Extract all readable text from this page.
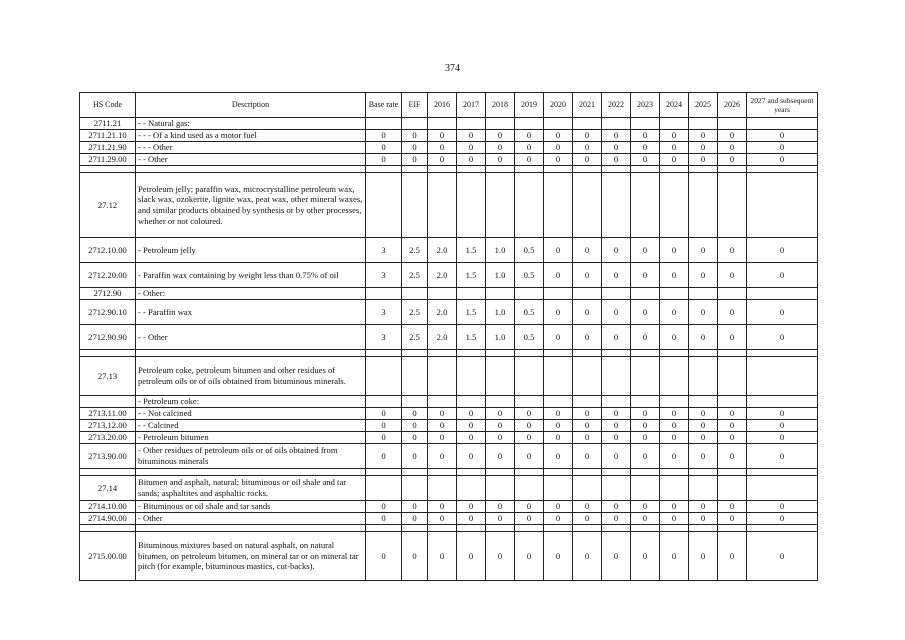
374
HS Code	Description	Base rate	EIF	2016	2017	2018	2019	2020	2021	2022	2023	2024	2025	2026	2027 and subsequent years
2711.21	- - Natural gas:														
2711.21.10	- - - Of a kind used as a motor fuel	0	0	0	0	0	0	0	0	0	0	0	0	0	0
2711.21.90	- - - Other	0	0	0	0	0	0	0	0	0	0	0	0	0	0
2711.29.00	- - Other	0	0	0	0	0	0	0	0	0	0	0	0	0	0

27.12	Petroleum jelly; paraffin wax, microcrystalline petroleum wax, slack wax, ozokerite, lignite wax, peat wax, other mineral waxes, and similar products obtained by synthesis or by other processes, whether or not coloured.														
2712.10.00	- Petroleum jelly	3	2.5	2.0	1.5	1.0	0.5	0	0	0	0	0	0	0	0
2712.20.00	- Paraffin wax containing by weight less than 0.75% of oil	3	2.5	2.0	1.5	1.0	0.5	0	0	0	0	0	0	0	0
2712.90	- Other:														
2712.90.10	- - Paraffin wax	3	2.5	2.0	1.5	1.0	0.5	0	0	0	0	0	0	0	0
2712.90.90	- - Other	3	2.5	2.0	1.5	1.0	0.5	0	0	0	0	0	0	0	0

27.13	Petroleum coke, petroleum bitumen and other residues of petroleum oils or of oils obtained from bituminous minerals.														
	- Petroleum coke:														
2713.11.00	- - Not calcined	0	0	0	0	0	0	0	0	0	0	0	0	0	0
2713.12.00	- - Calcined	0	0	0	0	0	0	0	0	0	0	0	0	0	0
2713.20.00	- Petroleum bitumen	0	0	0	0	0	0	0	0	0	0	0	0	0	0
2713.90.00	- Other residues of petroleum oils or of oils obtained from bituminous minerals	0	0	0	0	0	0	0	0	0	0	0	0	0	0

27.14	Bitumen and asphalt, natural; bituminous or oil shale and tar sands; asphaltites and asphaltic rocks.														
2714.10.00	- Bituminous or oil shale and tar sands	0	0	0	0	0	0	0	0	0	0	0	0	0	0
2714.90.00	- Other	0	0	0	0	0	0	0	0	0	0	0	0	0	0

2715.00.00	Bituminous mixtures based on natural asphalt, on natural bitumen, on petroleum bitumen, on mineral tar or on mineral tar pitch (for example, bituminous mastics, cut-backs).	0	0	0	0	0	0	0	0	0	0	0	0	0	0
